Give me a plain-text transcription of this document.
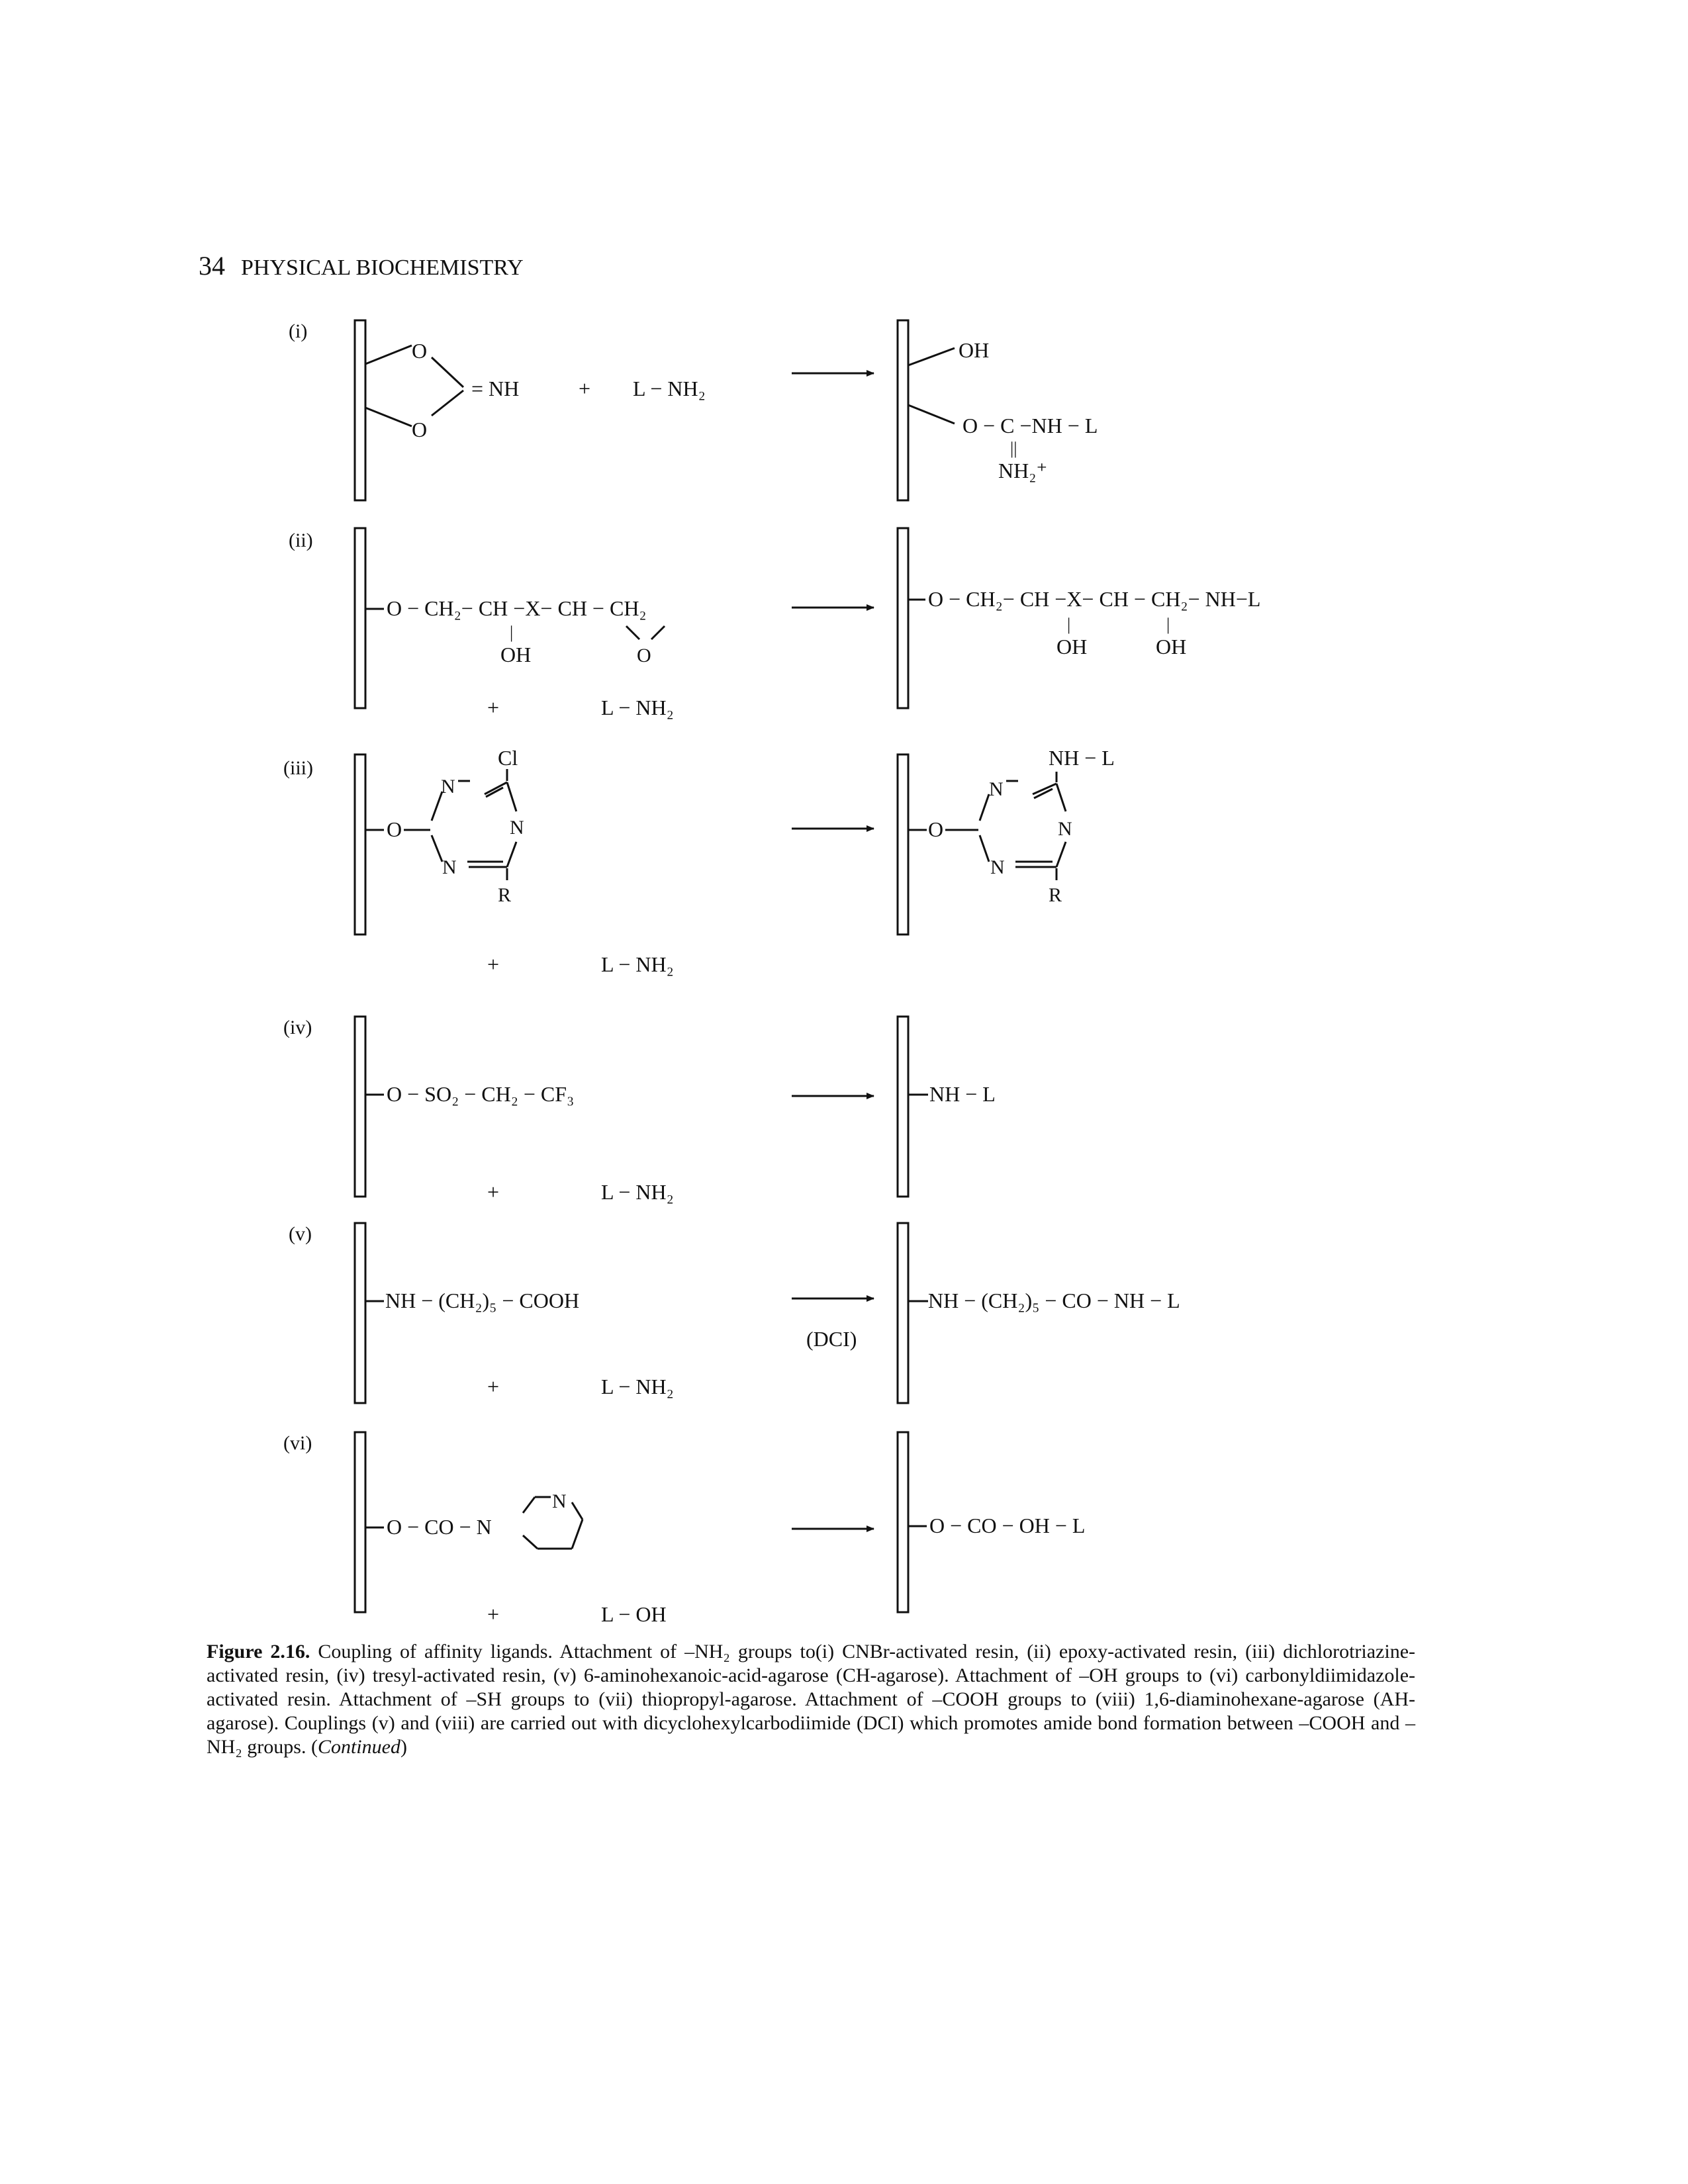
34 PHYSICAL BIOCHEMISTRY
(i)
O
O
= NH	+ L − NH₂
OH
O − C −NH − L
||
NH₂⁺
(ii)
O − CH₂− CH −X− CH − CH₂
|
OH	O
+	L − NH₂
O − CH₂− CH −X− CH − CH₂− NH−L
|	|
OH	OH
(iii)
O
Cl
N
N
N
R
+	L − NH₂
O
NH − L
N
N
N
R
(iv)
O − SO₂ − CH₂ − CF₃
+	L − NH₂
NH − L
(v)
NH − (CH₂)₅ − COOH
+	L − NH₂
(DCI)
NH − (CH₂)₅ − CO − NH − L
(vi)
O − CO − N
N
+	L − OH
O − CO − OH − L
Figure 2.16. Coupling of affinity ligands. Attachment of –NH₂ groups to(i) CNBr-activated resin, (ii) epoxy-activated resin, (iii) dichlorotriazine-activated resin, (iv) tresyl-activated resin, (v) 6-aminohexanoic-acid-agarose (CH-agarose). Attachment of –OH groups to (vi) carbonyldiimidazole-activated resin. Attachment of –SH groups to (vii) thiopropyl-agarose. Attachment of –COOH groups to (viii) 1,6-diaminohexane-agarose (AH-agarose). Couplings (v) and (viii) are carried out with dicyclohexylcarbodiimide (DCI) which promotes amide bond formation between –COOH and –NH₂ groups. (Continued)
